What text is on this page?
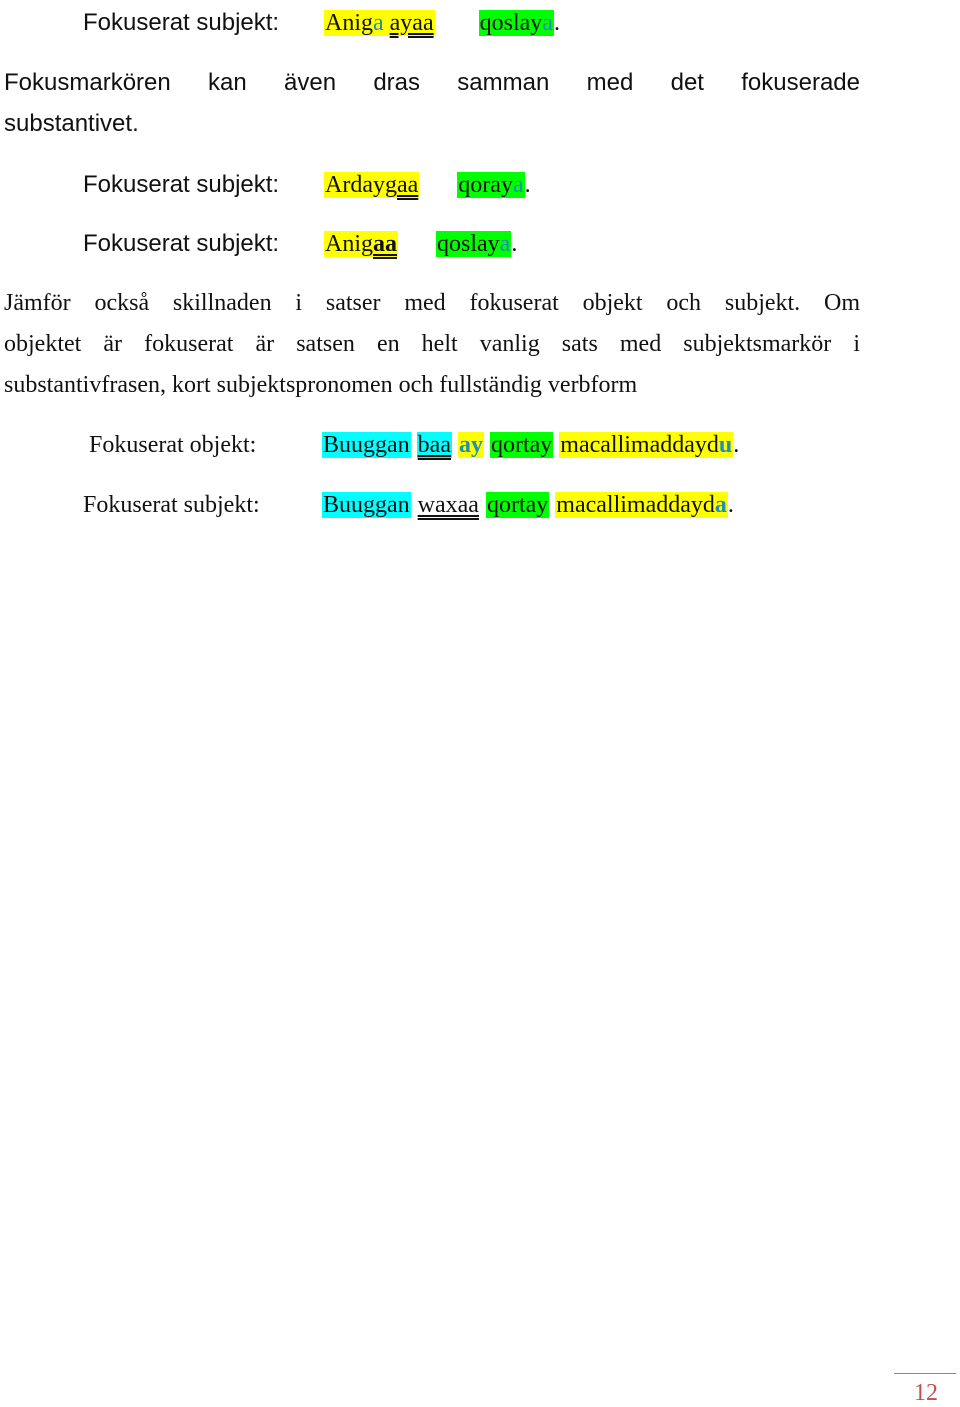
Fokuserat subjekt: Aniga ayaa qoslaya.
Fokusmarkören kan även dras samman med det fokuserade
substantivet.
Fokuserat subjekt: Ardaygaa qoraya.
Fokuserat subjekt: Anigaa qoslaya.
Jämför också skillnaden i satser med fokuserat objekt och subjekt. Om
objektet är fokuserat är satsen en helt vanlig sats med subjektsmarkör i
substantivfrasen, kort subjektspronomen och fullständig verbform
Fokuserat objekt:	Buuggan baa ay qortay macallimaddaydu.
Fokuserat subjekt:	Buuggan waxaa qortay macallimaddayda.
12
